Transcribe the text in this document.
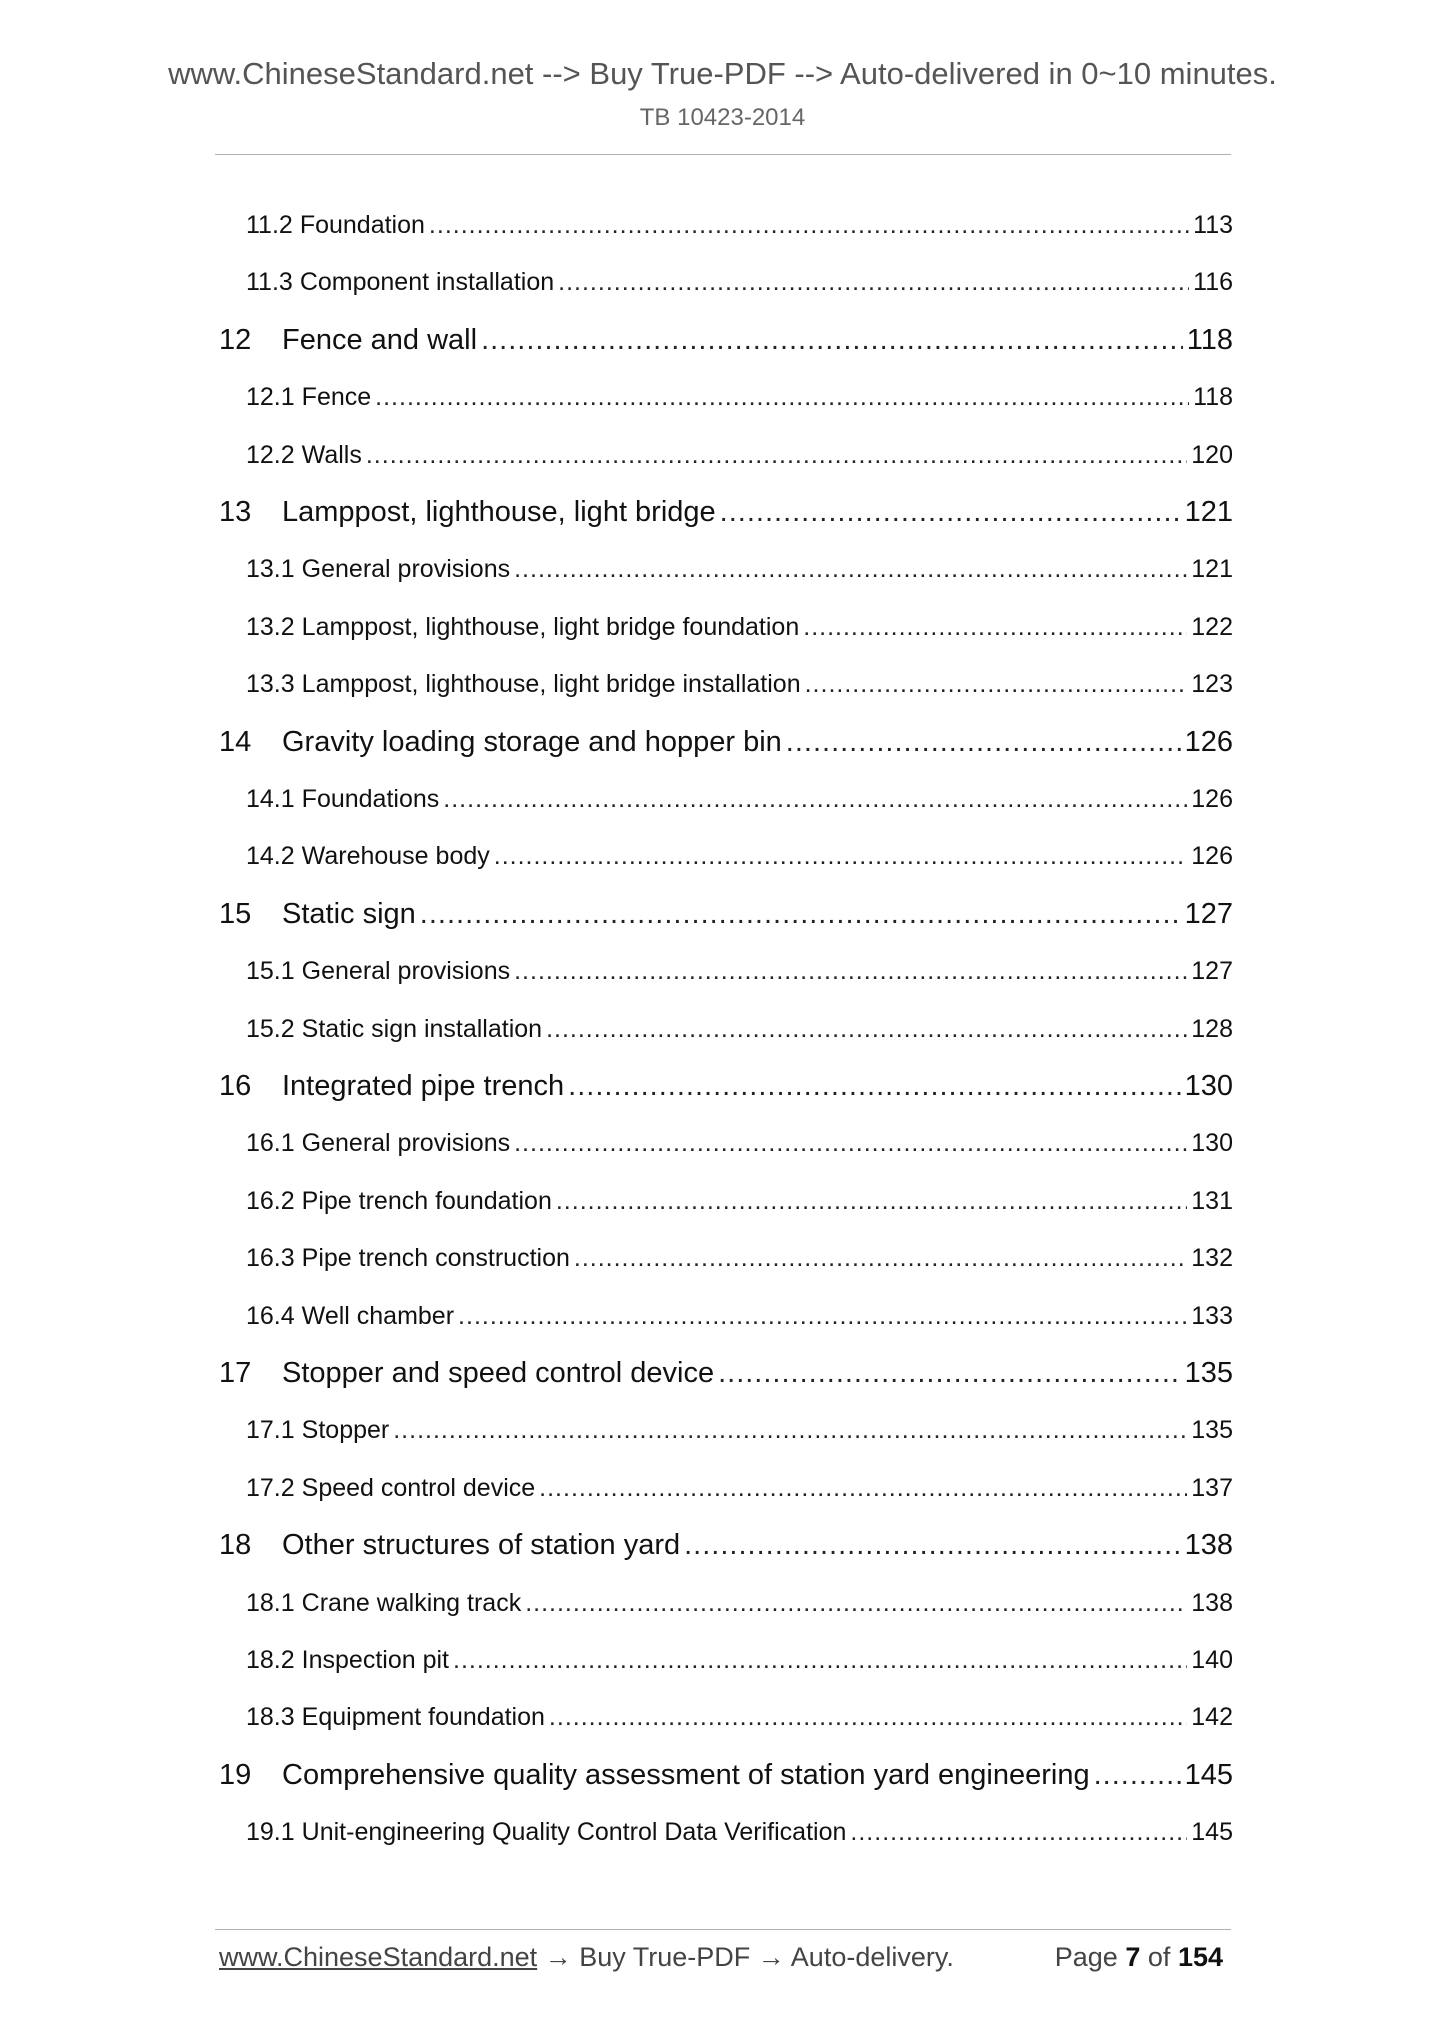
www.ChineseStandard.net --> Buy True-PDF --> Auto-delivered in 0~10 minutes.
TB 10423-2014
11.2 Foundation .....	113
11.3 Component installation .....	116
12	Fence and wall .....	118
12.1 Fence .....	118
12.2 Walls .....	120
13	Lamppost, lighthouse, light bridge .....	121
13.1 General provisions .....	121
13.2 Lamppost, lighthouse, light bridge foundation .....	122
13.3 Lamppost, lighthouse, light bridge installation .....	123
14	Gravity loading storage and hopper bin .....	126
14.1 Foundations .....	126
14.2 Warehouse body .....	126
15	Static sign .....	127
15.1 General provisions .....	127
15.2 Static sign installation .....	128
16	Integrated pipe trench .....	130
16.1 General provisions .....	130
16.2 Pipe trench foundation .....	131
16.3 Pipe trench construction .....	132
16.4 Well chamber .....	133
17	Stopper and speed control device .....	135
17.1 Stopper .....	135
17.2 Speed control device .....	137
18	Other structures of station yard .....	138
18.1 Crane walking track .....	138
18.2 Inspection pit .....	140
18.3 Equipment foundation .....	142
19	Comprehensive quality assessment of station yard engineering .....	145
19.1 Unit-engineering Quality Control Data Verification .....	145
www.ChineseStandard.net → Buy True-PDF → Auto-delivery.	Page 7 of 154
